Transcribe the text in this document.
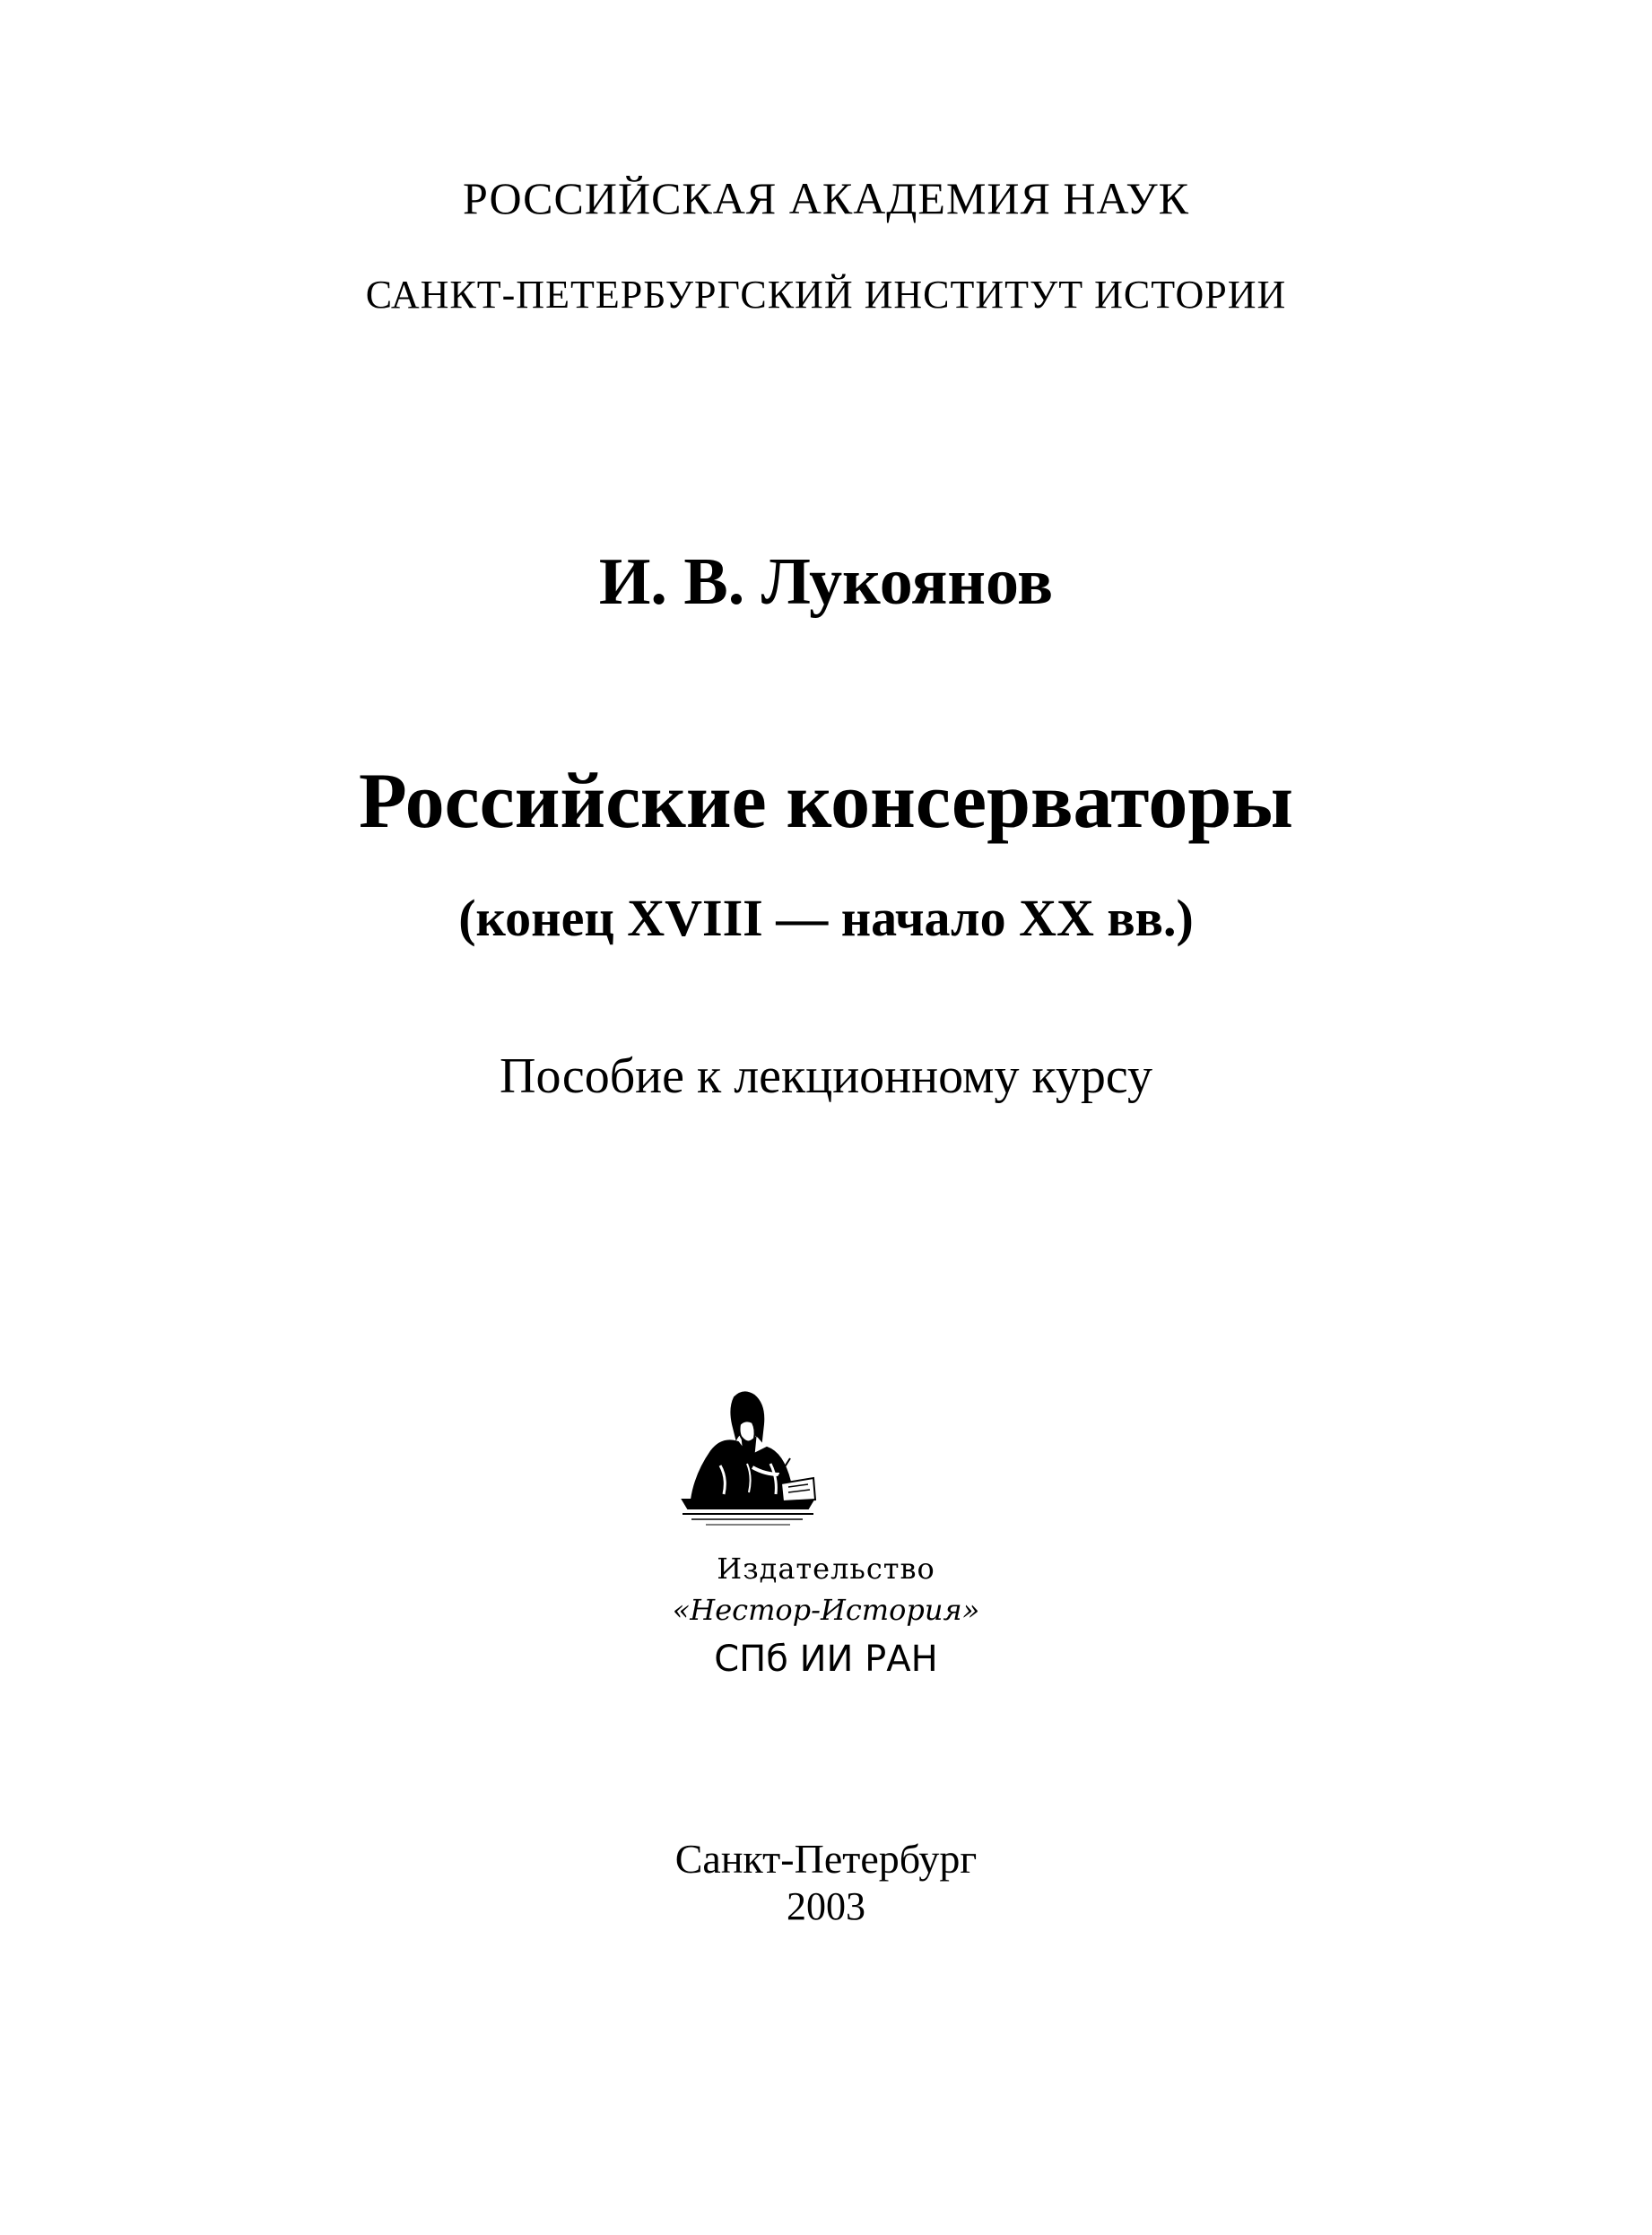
РОССИЙСКАЯ АКАДЕМИЯ НАУК
САНКТ-ПЕТЕРБУРГСКИЙ ИНСТИТУТ ИСТОРИИ
И. В. Лукоянов
Российские консерваторы
(конец XVIII — начало XX вв.)
Пособие к лекционному курсу
Издательство
«Нестор-История»
СПб ИИ РАН
Санкт-Петербург
2003
